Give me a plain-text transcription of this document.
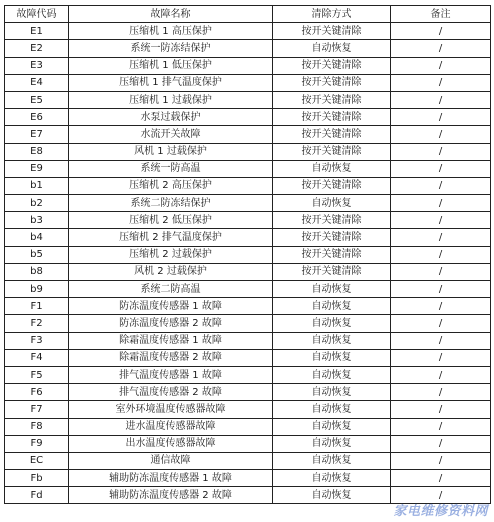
故障代码	故障名称	清除方式	备注
E1	压缩机 1 高压保护	按开关键清除	/
E2	系统一防冻结保护	自动恢复	/
E3	压缩机 1 低压保护	按开关键清除	/
E4	压缩机 1 排气温度保护	按开关键清除	/
E5	压缩机 1 过载保护	按开关键清除	/
E6	水泵过载保护	按开关键清除	/
E7	水流开关故障	按开关键清除	/
E8	风机 1 过载保护	按开关键清除	/
E9	系统一防高温	自动恢复	/
b1	压缩机 2 高压保护	按开关键清除	/
b2	系统二防冻结保护	自动恢复	/
b3	压缩机 2 低压保护	按开关键清除	/
b4	压缩机 2 排气温度保护	按开关键清除	/
b5	压缩机 2 过载保护	按开关键清除	/
b8	风机 2 过载保护	按开关键清除	/
b9	系统二防高温	自动恢复	/
F1	防冻温度传感器 1 故障	自动恢复	/
F2	防冻温度传感器 2 故障	自动恢复	/
F3	除霜温度传感器 1 故障	自动恢复	/
F4	除霜温度传感器 2 故障	自动恢复	/
F5	排气温度传感器 1 故障	自动恢复	/
F6	排气温度传感器 2 故障	自动恢复	/
F7	室外环境温度传感器故障	自动恢复	/
F8	进水温度传感器故障	自动恢复	/
F9	出水温度传感器故障	自动恢复	/
EC	通信故障	自动恢复	/
Fb	辅助防冻温度传感器 1 故障	自动恢复	/
Fd	辅助防冻温度传感器 2 故障	自动恢复	/
家电维修资料网
